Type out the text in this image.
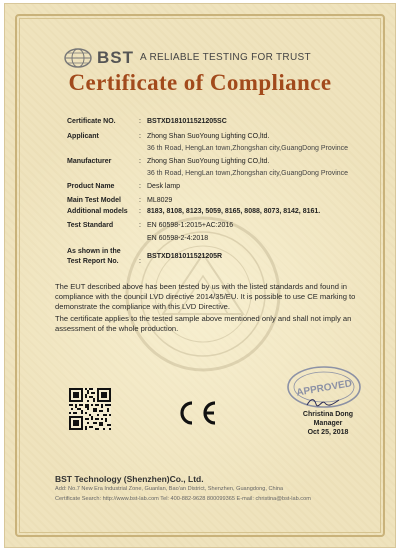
BST A RELIABLE TESTING FOR TRUST
Certificate of Compliance
Certificate NO.	: BSTXD181011521205SC
Applicant	: Zhong Shan SuoYoung Lighting CO,ltd.
36 th Road, HengLan town,Zhongshan city,GuangDong Province
Manufacturer	: Zhong Shan SuoYoung Lighting CO,ltd.
36 th Road, HengLan town,Zhongshan city,GuangDong Province
Product Name	: Desk lamp
Main Test Model	: ML8029
Additional models	: 8183, 8108, 8123, 5059, 8165, 8088, 8073, 8142, 8161.
Test Standard	: EN 60598-1:2015+AC:2016
EN 60598-2-4:2018
As shown in the
Test Report No.	:
BSTXD181011521205R

The EUT described above has been tested by us with the listed standards and found in compliance with the council LVD directive 2014/35/EU. It is possible to use CE marking to demonstrate the compliance with this LVD Directive.

The certificate applies to the tested sample above mentioned only and shall not imply an assessment of the whole production.

APPROVED
Christina Dong
Manager
Oct 25, 2018
BST Technology (Shenzhen)Co., Ltd.
Add: No.7 New Era Industrial Zone, Guanlan, Bao'an District, Shenzhen, Guangdong, China
Certificate Search: http://www.bst-lab.com Tel: 400-882-9628 800099365 E-mail: christina@bst-lab.com
